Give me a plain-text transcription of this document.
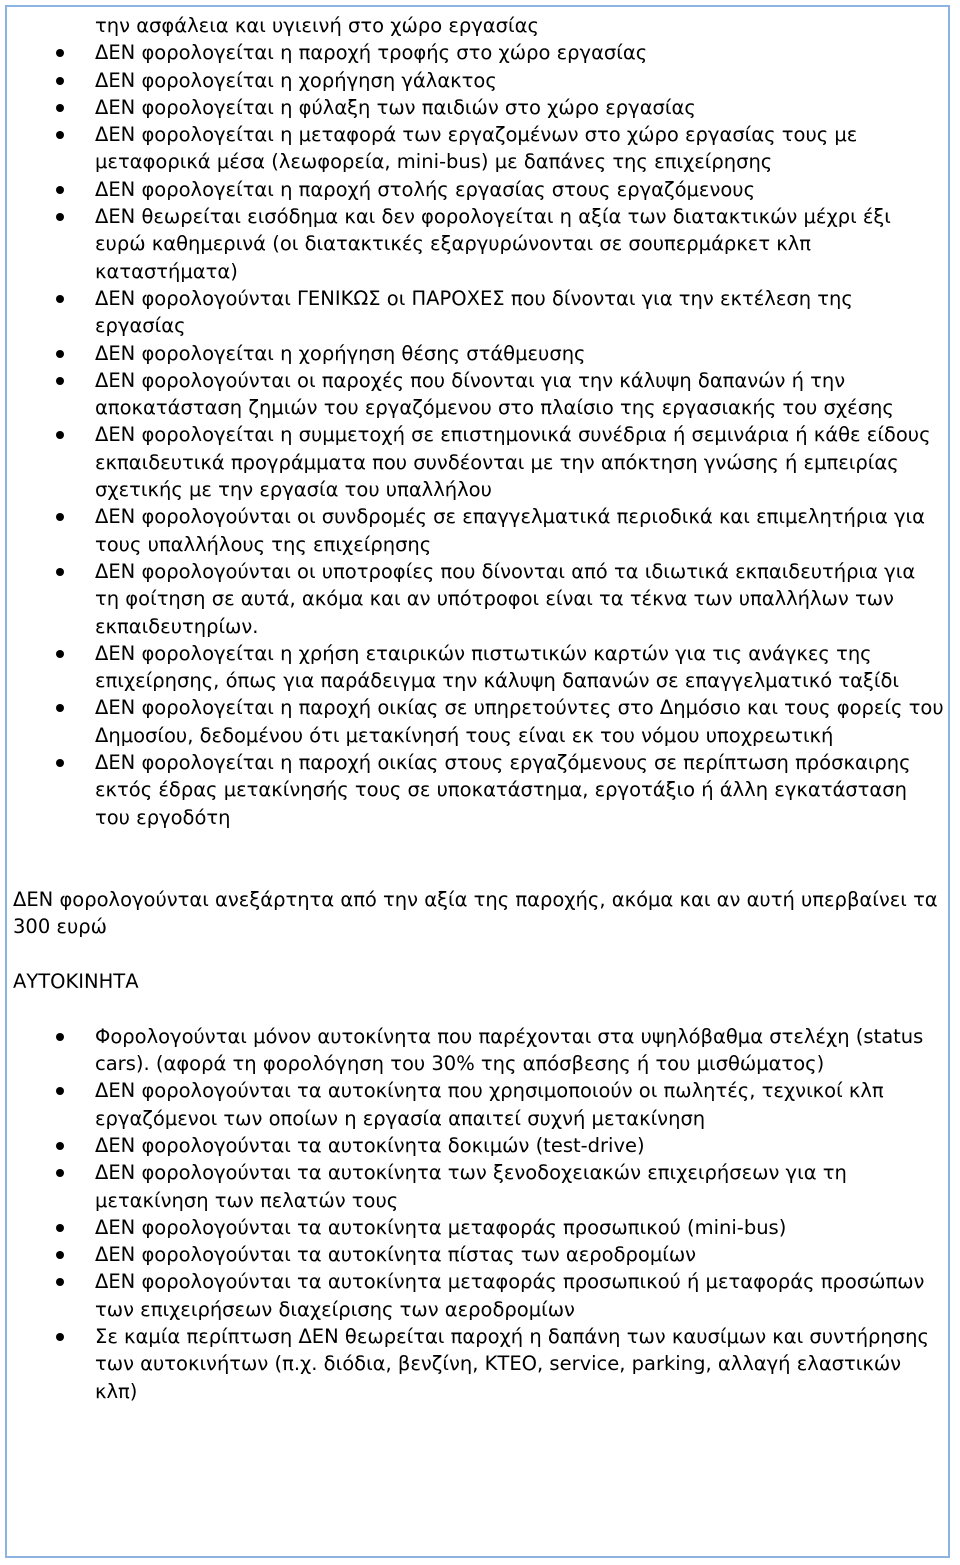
την ασφάλεια και υγιεινή στο χώρο εργασίας
ΔΕΝ φορολογείται η παροχή τροφής στο χώρο εργασίας
ΔΕΝ φορολογείται η χορήγηση γάλακτος
ΔΕΝ φορολογείται η φύλαξη των παιδιών στο χώρο εργασίας
ΔΕΝ φορολογείται η μεταφορά των εργαζομένων στο χώρο εργασίας τους με μεταφορικά μέσα (λεωφορεία, mini-bus) με δαπάνες της επιχείρησης
ΔΕΝ φορολογείται η παροχή στολής εργασίας στους εργαζόμενους
ΔΕΝ θεωρείται εισόδημα και δεν φορολογείται η αξία των διατακτικών μέχρι έξι ευρώ καθημερινά (οι διατακτικές εξαργυρώνονται σε σουπερμάρκετ κλπ καταστήματα)
ΔΕΝ φορολογούνται ΓΕΝΙΚΩΣ οι ΠΑΡΟΧΕΣ που δίνονται για την εκτέλεση της εργασίας
ΔΕΝ φορολογείται η χορήγηση θέσης στάθμευσης
ΔΕΝ φορολογούνται οι παροχές που δίνονται για την κάλυψη δαπανών ή την αποκατάσταση ζημιών του εργαζόμενου στο πλαίσιο της εργασιακής του σχέσης
ΔΕΝ φορολογείται η συμμετοχή σε επιστημονικά συνέδρια ή σεμινάρια ή κάθε είδους εκπαιδευτικά προγράμματα που συνδέονται με την απόκτηση γνώσης ή εμπειρίας σχετικής με την εργασία του υπαλλήλου
ΔΕΝ φορολογούνται οι συνδρομές σε επαγγελματικά περιοδικά και επιμελητήρια για τους υπαλλήλους της επιχείρησης
ΔΕΝ φορολογούνται οι υποτροφίες που δίνονται από τα ιδιωτικά εκπαιδευτήρια για τη φοίτηση σε αυτά, ακόμα και αν υπότροφοι είναι τα τέκνα των υπαλλήλων των εκπαιδευτηρίων.
ΔΕΝ φορολογείται η χρήση εταιρικών πιστωτικών καρτών για τις ανάγκες της επιχείρησης, όπως για παράδειγμα την κάλυψη δαπανών σε επαγγελματικό ταξίδι
ΔΕΝ φορολογείται η παροχή οικίας σε υπηρετούντες στο Δημόσιο και τους φορείς του Δημοσίου, δεδομένου ότι μετακίνησή τους είναι εκ του νόμου υποχρεωτική
ΔΕΝ φορολογείται η παροχή οικίας στους εργαζόμενους σε περίπτωση πρόσκαιρης εκτός έδρας μετακίνησής τους σε υποκατάστημα, εργοτάξιο ή άλλη εγκατάσταση του εργοδότη

ΔΕΝ φορολογούνται ανεξάρτητα από την αξία της παροχής, ακόμα και αν αυτή υπερβαίνει τα 300 ευρώ

ΑΥΤΟΚΙΝΗΤΑ

Φορολογούνται μόνον αυτοκίνητα που παρέχονται στα υψηλόβαθμα στελέχη (status cars). (αφορά τη φορολόγηση του 30% της απόσβεσης ή του μισθώματος)
ΔΕΝ φορολογούνται τα αυτοκίνητα που χρησιμοποιούν οι πωλητές, τεχνικοί κλπ εργαζόμενοι των οποίων η εργασία απαιτεί συχνή μετακίνηση
ΔΕΝ φορολογούνται τα αυτοκίνητα δοκιμών (test-drive)
ΔΕΝ φορολογούνται τα αυτοκίνητα των ξενοδοχειακών επιχειρήσεων για τη μετακίνηση των πελατών τους
ΔΕΝ φορολογούνται τα αυτοκίνητα μεταφοράς προσωπικού (mini-bus)
ΔΕΝ φορολογούνται τα αυτοκίνητα πίστας των αεροδρομίων
ΔΕΝ φορολογούνται τα αυτοκίνητα μεταφοράς προσωπικού ή μεταφοράς προσώπων των επιχειρήσεων διαχείρισης των αεροδρομίων
Σε καμία περίπτωση ΔΕΝ θεωρείται παροχή η δαπάνη των καυσίμων και συντήρησης των αυτοκινήτων (π.χ. διόδια, βενζίνη, ΚΤΕΟ, service, parking, αλλαγή ελαστικών κλπ)
